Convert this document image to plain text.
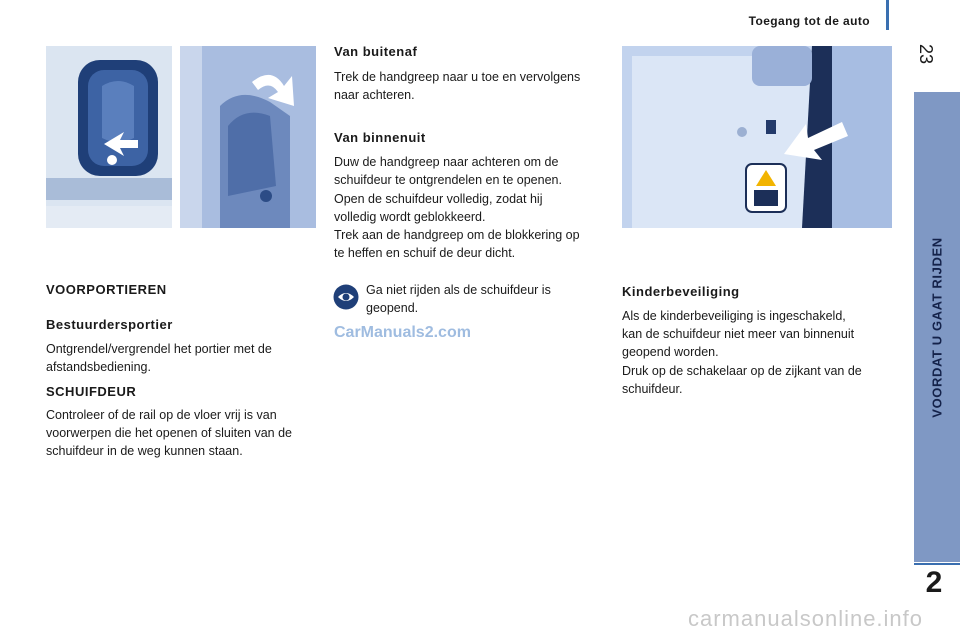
Toegang tot de auto
23
VOORDAT U GAAT RIJDEN
2
Van buitenaf
Trek de handgreep naar u toe en vervolgens
naar achteren.
Van binnenuit
Duw de handgreep naar achteren om de
schuifdeur te ontgrendelen en te openen.
Open de schuifdeur volledig, zodat hij
volledig wordt geblokkeerd.
Trek aan de handgreep om de blokkering op
te heffen en schuif de deur dicht.
Ga niet rijden als de schuifdeur is
geopend.
CarManuals2.com
VOORPORTIEREN
Bestuurdersportier
Ontgrendel/vergrendel het portier met de
afstandsbediening.
SCHUIFDEUR
Controleer of de rail op de vloer vrij is van
voorwerpen die het openen of sluiten van de
schuifdeur in de weg kunnen staan.
Kinderbeveiliging
Als de kinderbeveiliging is ingeschakeld,
kan de schuifdeur niet meer van binnenuit
geopend worden.
Druk op de schakelaar op de zijkant van de
schuifdeur.
carmanualsonline.info
